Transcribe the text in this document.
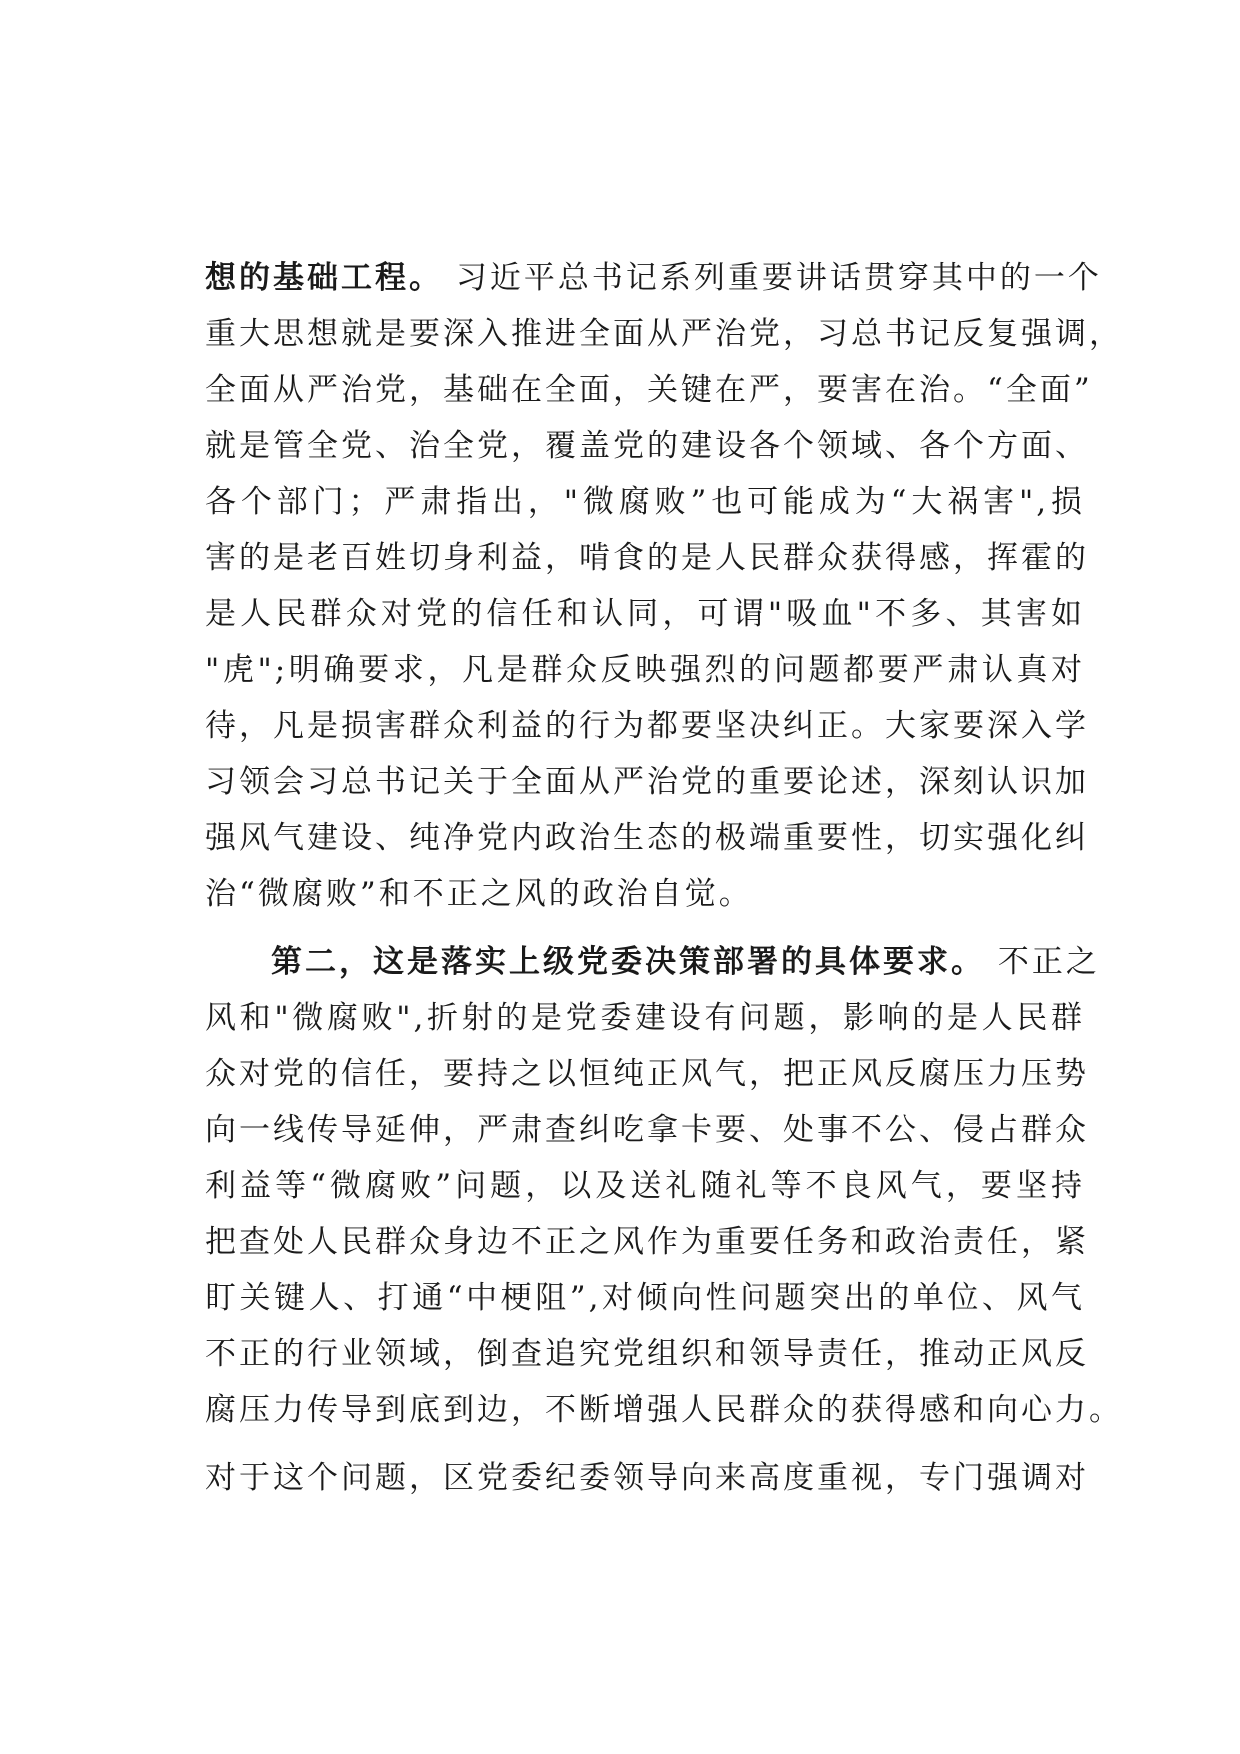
想的基础工程。 习近平总书记系列重要讲话贯穿其中的一个
重大思想就是要深入推进全面从严治党，习总书记反复强调，
全面从严治党，基础在全面，关键在严，要害在治。“全面”
就是管全党、治全党，覆盖党的建设各个领域、各个方面、
各个部门；严肃指出，"微腐败”也可能成为“大祸害",损
害的是老百姓切身利益，啃食的是人民群众获得感，挥霍的
是人民群众对党的信任和认同，可谓"吸血"不多、其害如
"虎";明确要求，凡是群众反映强烈的问题都要严肃认真对
待，凡是损害群众利益的行为都要坚决纠正。大家要深入学
习领会习总书记关于全面从严治党的重要论述，深刻认识加
强风气建设、纯净党内政治生态的极端重要性，切实强化纠
治“微腐败”和不正之风的政治自觉。

第二，这是落实上级党委决策部署的具体要求。 不正之
风和"微腐败",折射的是党委建设有问题，影响的是人民群
众对党的信任，要持之以恒纯正风气，把正风反腐压力压势
向一线传导延伸，严肃查纠吃拿卡要、处事不公、侵占群众
利益等“微腐败”问题，以及送礼随礼等不良风气，要坚持
把查处人民群众身边不正之风作为重要任务和政治责任，紧
盯关键人、打通“中梗阻”,对倾向性问题突出的单位、风气
不正的行业领域，倒查追究党组织和领导责任，推动正风反
腐压力传导到底到边，不断增强人民群众的获得感和向心力。

对于这个问题，区党委纪委领导向来高度重视，专门强调对
